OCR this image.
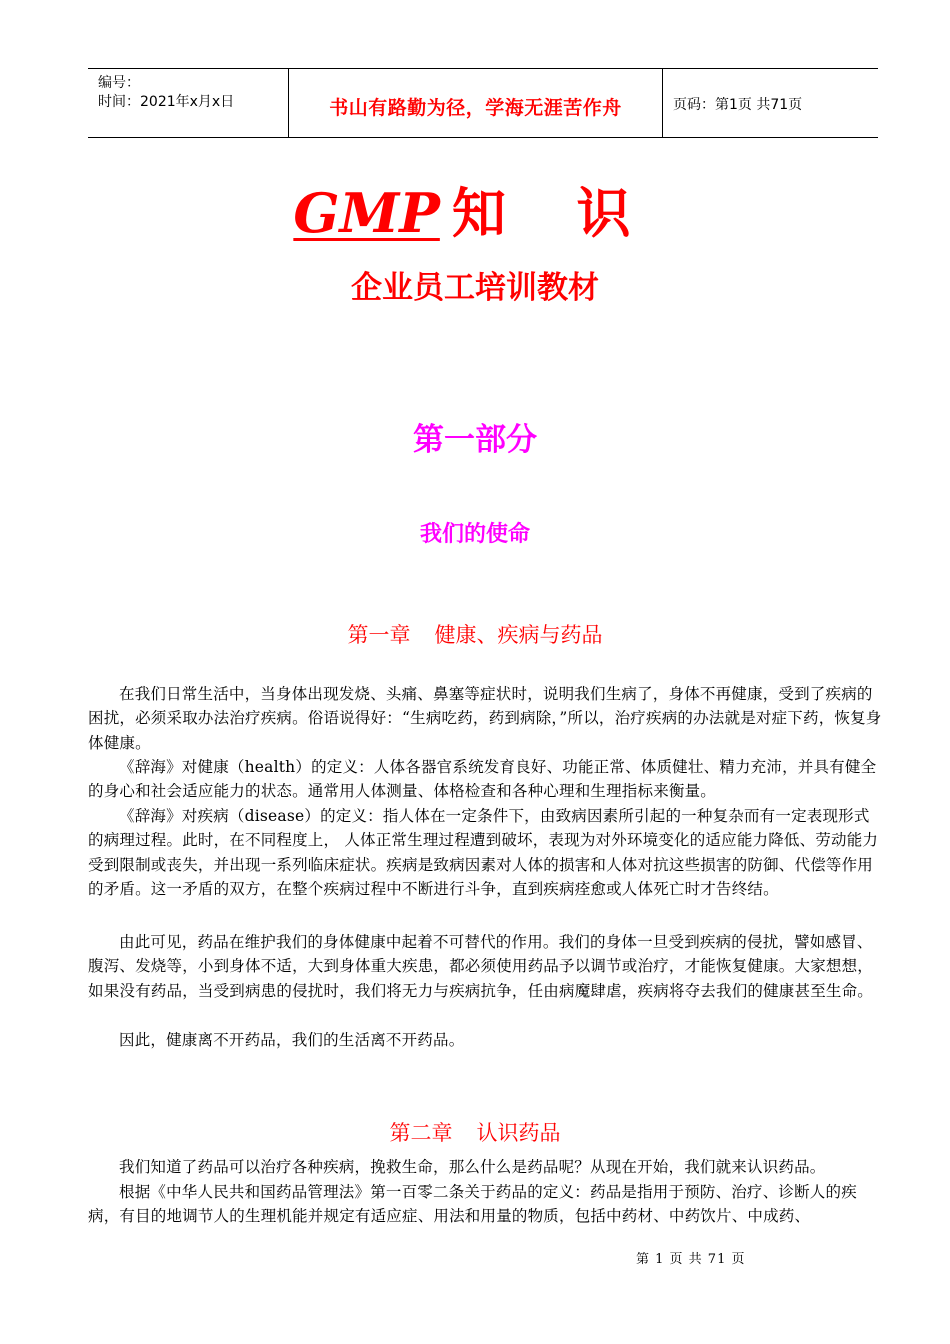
编号：
时间：2021年x月x日	书山有路勤为径，学海无涯苦作舟	页码：第1页 共71页
GMP 知 识
企业员工培训教材
第一部分
我们的使命
第一章 健康、疾病与药品

在我们日常生活中，当身体出现发烧、头痛、鼻塞等症状时，说明我们生病了，身体不再健康，受到了疾病的困扰，必须采取办法治疗疾病。俗语说得好：“生病吃药，药到病除，”所以，治疗疾病的办法就是对症下药，恢复身体健康。

《辞海》对健康（health）的定义：人体各器官系统发育良好、功能正常、体质健壮、精力充沛，并具有健全的身心和社会适应能力的状态。通常用人体测量、体格检查和各种心理和生理指标来衡量。

《辞海》对疾病（disease）的定义：指人体在一定条件下，由致病因素所引起的一种复杂而有一定表现形式的病理过程。此时，在不同程度上， 人体正常生理过程遭到破坏，表现为对外环境变化的适应能力降低、劳动能力受到限制或丧失，并出现一系列临床症状。疾病是致病因素对人体的损害和人体对抗这些损害的防御、代偿等作用的矛盾。这一矛盾的双方，在整个疾病过程中不断进行斗争，直到疾病痊愈或人体死亡时才告终结。

由此可见，药品在维护我们的身体健康中起着不可替代的作用。我们的身体一旦受到疾病的侵扰，譬如感冒、腹泻、发烧等，小到身体不适，大到身体重大疾患，都必须使用药品予以调节或治疗，才能恢复健康。大家想想，如果没有药品，当受到病患的侵扰时，我们将无力与疾病抗争，任由病魔肆虐，疾病将夺去我们的健康甚至生命。

因此，健康离不开药品，我们的生活离不开药品。

第二章 认识药品

我们知道了药品可以治疗各种疾病，挽救生命，那么什么是药品呢？从现在开始，我们就来认识药品。

根据《中华人民共和国药品管理法》第一百零二条关于药品的定义：药品是指用于预防、治疗、诊断人的疾病，有目的地调节人的生理机能并规定有适应症、用法和用量的物质，包括中药材、中药饮片、中成药、

第 1 页 共 71 页
